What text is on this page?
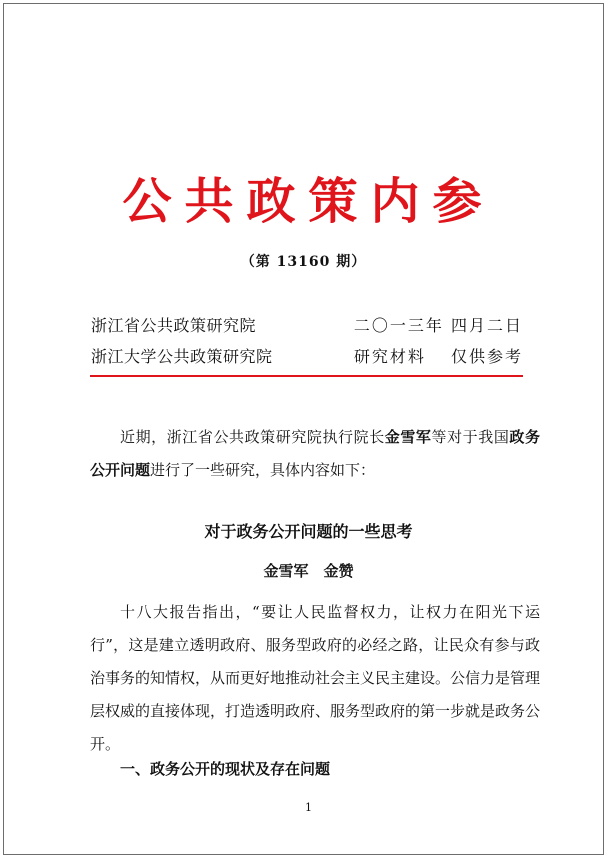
公共政策内参
（第 13160 期）
浙江省公共政策研究院	二〇一三年 四月二日
浙江大学公共政策研究院	研究材料　 仅供参考
近期，浙江省公共政策研究院执行院长金雪军等对于我国政务公开问题进行了一些研究，具体内容如下：
对于政务公开问题的一些思考
金雪军　金赞
十八大报告指出，“要让人民监督权力，让权力在阳光下运行”，这是建立透明政府、服务型政府的必经之路，让民众有参与政治事务的知情权，从而更好地推动社会主义民主建设。公信力是管理层权威的直接体现，打造透明政府、服务型政府的第一步就是政务公开。
一、政务公开的现状及存在问题
1
